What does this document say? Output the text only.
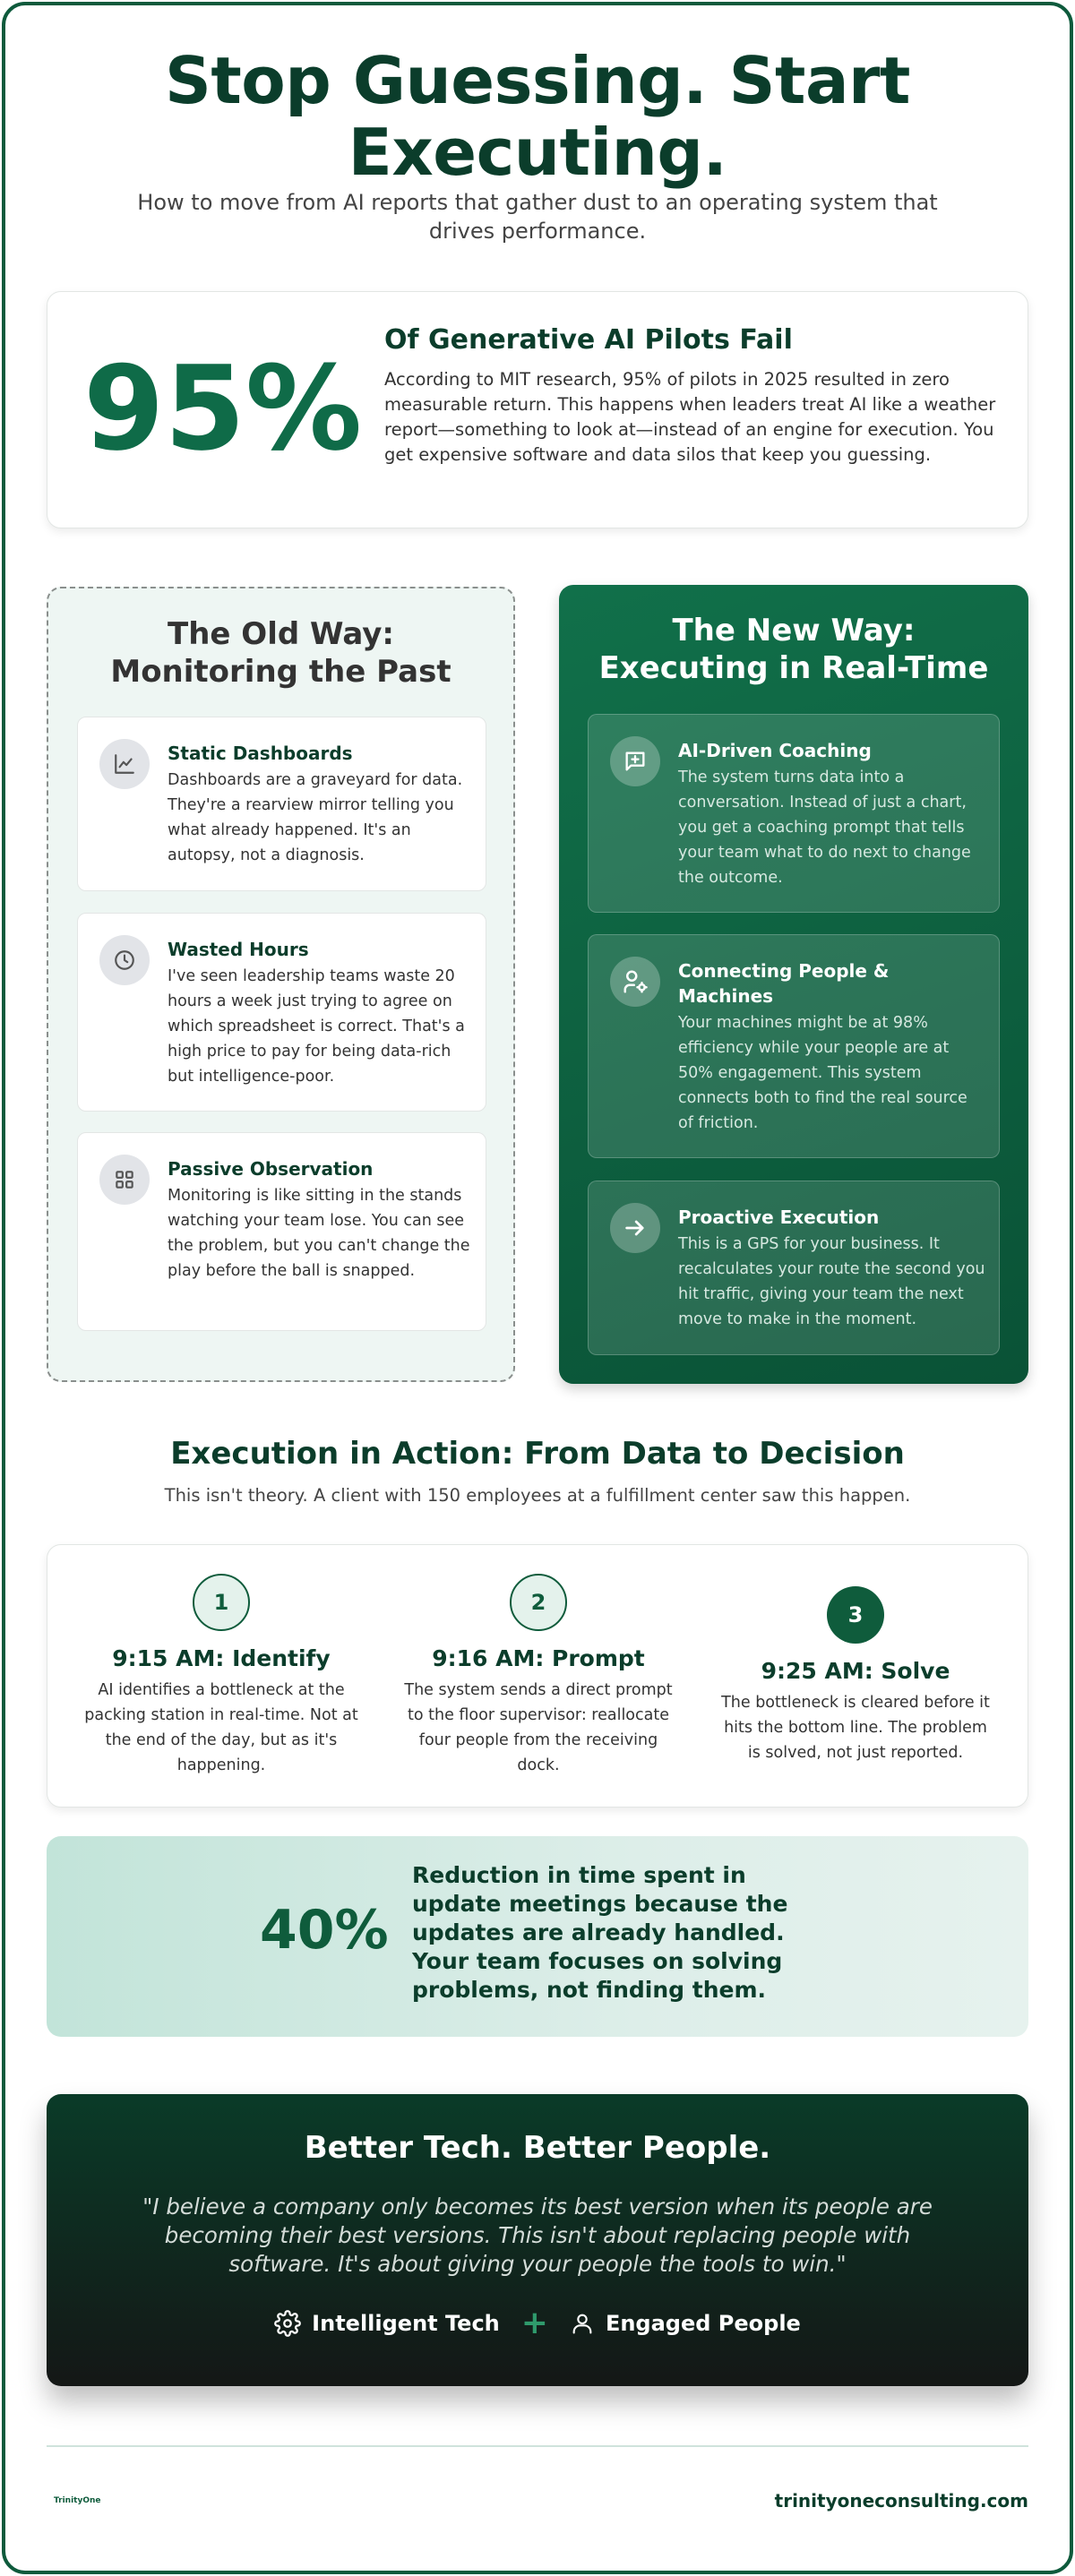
Stop Guessing. Start
Executing.
How to move from AI reports that gather dust to an operating system that drives performance.
95%
Of Generative AI Pilots Fail
According to MIT research, 95% of pilots in 2025 resulted in zero measurable return. This happens when leaders treat AI like a weather report—something to look at—instead of an engine for execution. You get expensive software and data silos that keep you guessing.
The Old Way:
Monitoring the Past
Static Dashboards
Dashboards are a graveyard for data. They're a rearview mirror telling you what already happened. It's an autopsy, not a diagnosis.
Wasted Hours
I've seen leadership teams waste 20 hours a week just trying to agree on which spreadsheet is correct. That's a high price to pay for being data-rich but intelligence-poor.
Passive Observation
Monitoring is like sitting in the stands watching your team lose. You can see the problem, but you can't change the play before the ball is snapped.
The New Way:
Executing in Real-Time
AI-Driven Coaching
The system turns data into a conversation. Instead of just a chart, you get a coaching prompt that tells your team what to do next to change the outcome.
Connecting People & Machines
Your machines might be at 98% efficiency while your people are at 50% engagement. This system connects both to find the real source of friction.
Proactive Execution
This is a GPS for your business. It recalculates your route the second you hit traffic, giving your team the next move to make in the moment.
Execution in Action: From Data to Decision
This isn't theory. A client with 150 employees at a fulfillment center saw this happen.
1
9:15 AM: Identify
AI identifies a bottleneck at the packing station in real-time. Not at the end of the day, but as it's happening.
2
9:16 AM: Prompt
The system sends a direct prompt to the floor supervisor: reallocate four people from the receiving dock.
3
9:25 AM: Solve
The bottleneck is cleared before it hits the bottom line. The problem is solved, not just reported.
40%
Reduction in time spent in update meetings because the updates are already handled. Your team focuses on solving problems, not finding them.
Better Tech. Better People.
"I believe a company only becomes its best version when its people are becoming their best versions. This isn't about replacing people with software. It's about giving your people the tools to win."
Intelligent Tech +	Engaged People
TrinityOne	trinityoneconsulting.com
